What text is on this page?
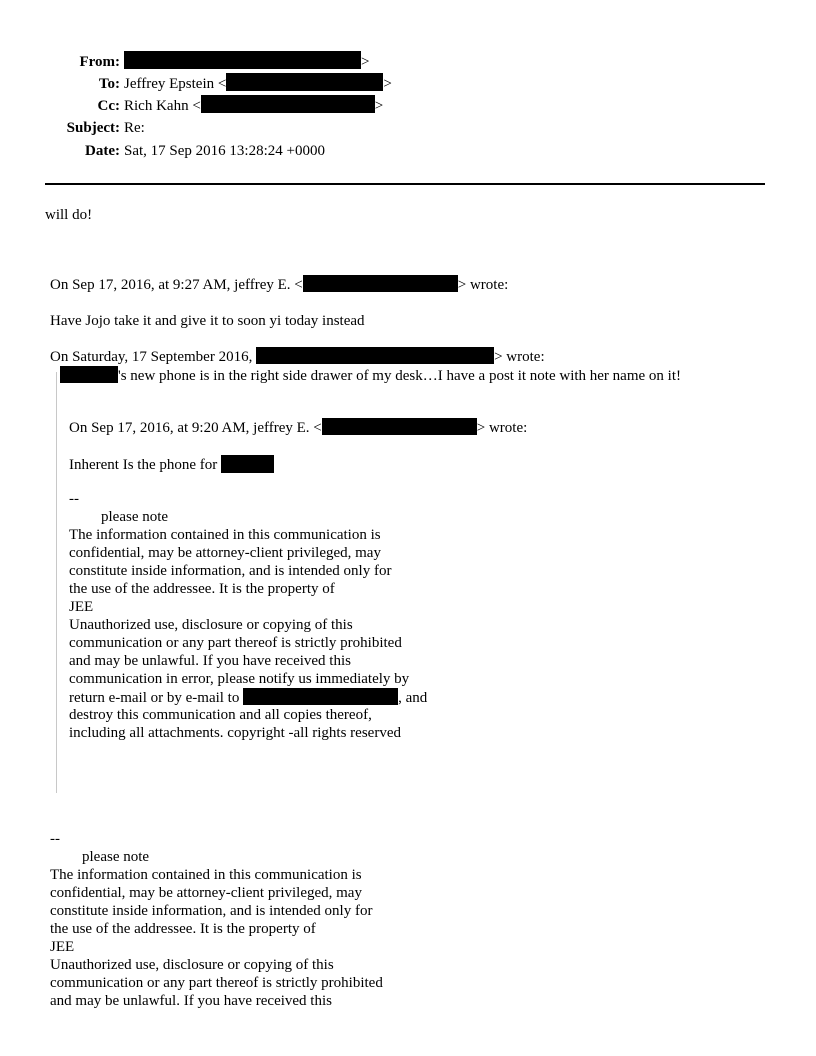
From:	>
To: Jeffrey Epstein <	>
Cc: Rich Kahn <	>
Subject: Re:
Date: Sat, 17 Sep 2016 13:28:24 +0000
will do!
On Sep 17, 2016, at 9:27 AM, jeffrey E. <	> wrote:
Have Jojo take it and give it to soon yi today instead
On Saturday, 17 September 2016,	> wrote:
's new phone is in the right side drawer of my desk…I have a post it note with her name on it!
On Sep 17, 2016, at 9:20 AM, jeffrey E. <	> wrote:
Inherent Is the phone for
--
please note
The information contained in this communication is
confidential, may be attorney-client privileged, may
constitute inside information, and is intended only for
the use of the addressee. It is the property of
JEE
Unauthorized use, disclosure or copying of this
communication or any part thereof is strictly prohibited
and may be unlawful. If you have received this
communication in error, please notify us immediately by
return e-mail or by e-mail to	, and
destroy this communication and all copies thereof,
including all attachments. copyright -all rights reserved
--
please note
The information contained in this communication is
confidential, may be attorney-client privileged, may
constitute inside information, and is intended only for
the use of the addressee. It is the property of
JEE
Unauthorized use, disclosure or copying of this
communication or any part thereof is strictly prohibited
and may be unlawful. If you have received this
